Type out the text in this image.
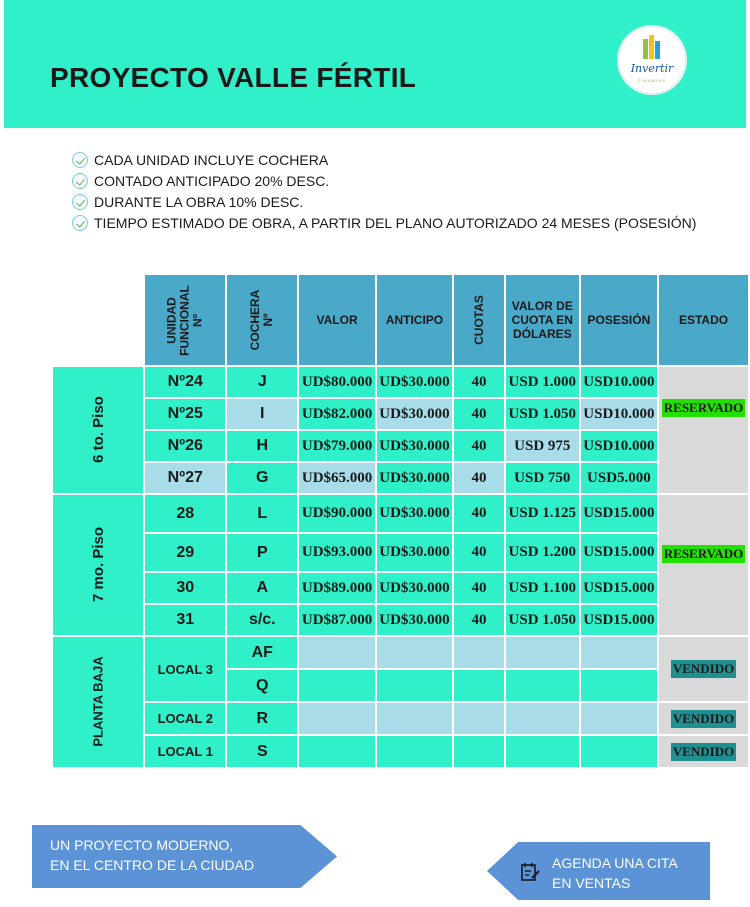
PROYECTO VALLE FÉRTIL	Invertir
FINANZAS
CADA UNIDAD INCLUYE COCHERA
CONTADO ANTICIPADO 20% DESC.
DURANTE LA OBRA 10% DESC.
TIEMPO ESTIMADO DE OBRA, A PARTIR DEL PLANO AUTORIZADO 24 MESES (POSESIÓN)
	UNIDAD FUNCIONAL Nº	COCHERA Nº	VALOR	ANTICIPO	CUOTAS	VALOR DE CUOTA EN DÓLARES	POSESIÓN	ESTADO
6 to. Piso	Nº24	J	UD$80.000	UD$30.000	40	USD 1.000	USD10.000	RESERVADO
	Nº25	I	UD$82.000	UD$30.000	40	USD 1.050	USD10.000	
	Nº26	H	UD$79.000	UD$30.000	40	USD 975	USD10.000	
	Nº27	G	UD$65.000	UD$30.000	40	USD 750	USD5.000	
7 mo. Piso	28	L	UD$90.000	UD$30.000	40	USD 1.125	USD15.000	RESERVADO
	29	P	UD$93.000	UD$30.000	40	USD 1.200	USD15.000	
	30	A	UD$89.000	UD$30.000	40	USD 1.100	USD15.000	
	31	s/c.	UD$87.000	UD$30.000	40	USD 1.050	USD15.000	
PLANTA BAJA	LOCAL 3	AF						VENDIDO
		Q						
	LOCAL 2	R						VENDIDO
	LOCAL 1	S						VENDIDO
UN PROYECTO MODERNO,
EN EL CENTRO DE LA CIUDAD	AGENDA UNA CITA
EN VENTAS
